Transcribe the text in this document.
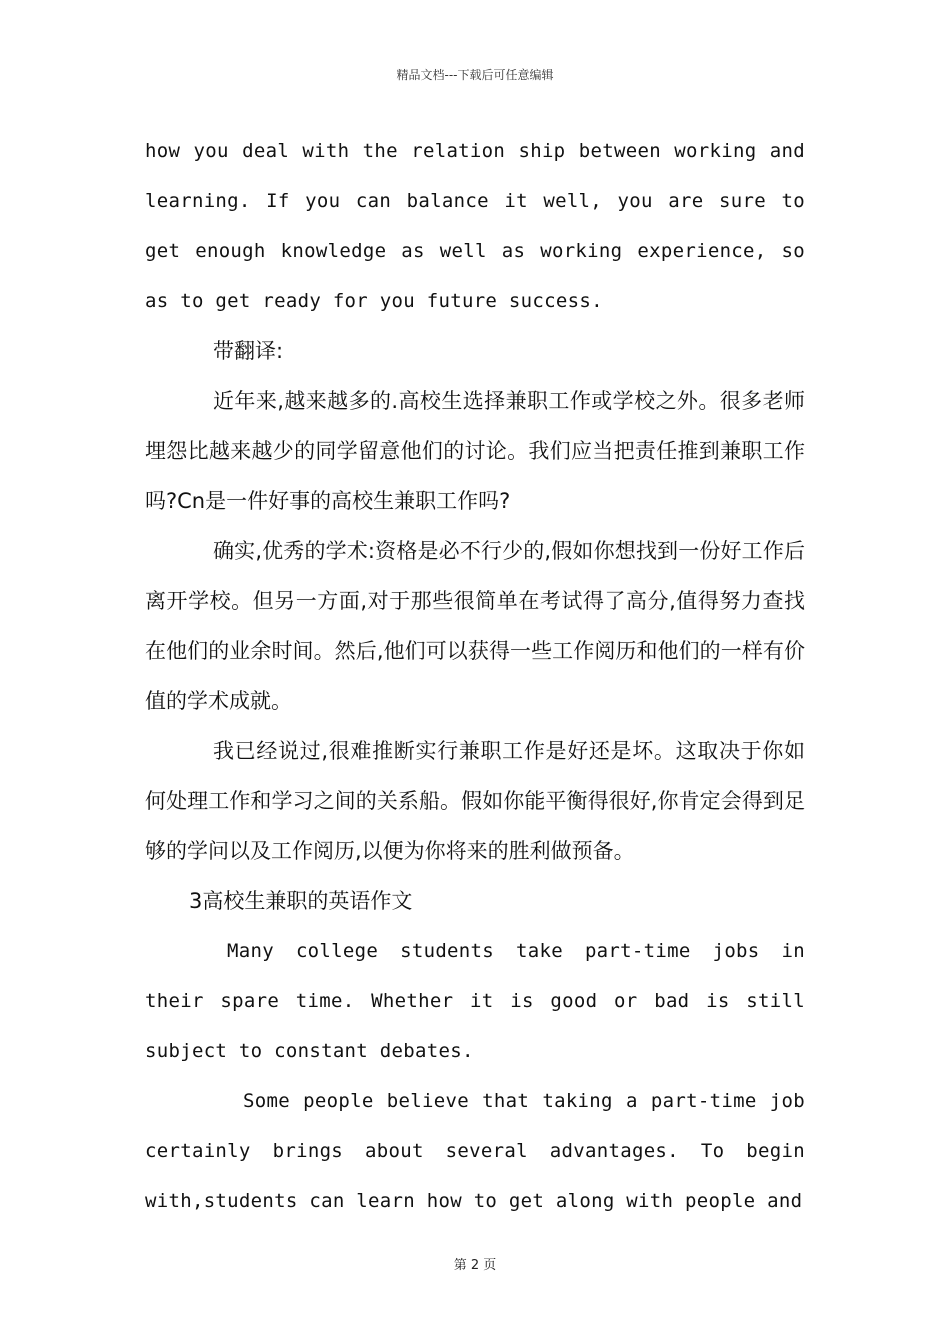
精品文档---下载后可任意编辑

how you deal with the relation ship between working and learning. If you can balance it well, you are sure to get enough knowledge as well as working experience, so as to get ready for you future success.

带翻译:

近年来,越来越多的.高校生选择兼职工作或学校之外。很多老师埋怨比越来越少的同学留意他们的讨论。我们应当把责任推到兼职工作吗?Cn是一件好事的高校生兼职工作吗?

确实,优秀的学术:资格是必不行少的,假如你想找到一份好工作后离开学校。但另一方面,对于那些很简单在考试得了高分,值得努力查找在他们的业余时间。然后,他们可以获得一些工作阅历和他们的一样有价值的学术成就。

我已经说过,很难推断实行兼职工作是好还是坏。这取决于你如何处理工作和学习之间的关系船。假如你能平衡得很好,你肯定会得到足够的学问以及工作阅历,以便为你将来的胜利做预备。

3高校生兼职的英语作文

Many college students take part-time jobs in their spare time. Whether it is good or bad is still subject to constant debates.

Some people believe that taking a part-time job certainly brings about several advantages. To begin with,students can learn how to get along with people and

第 2 页
